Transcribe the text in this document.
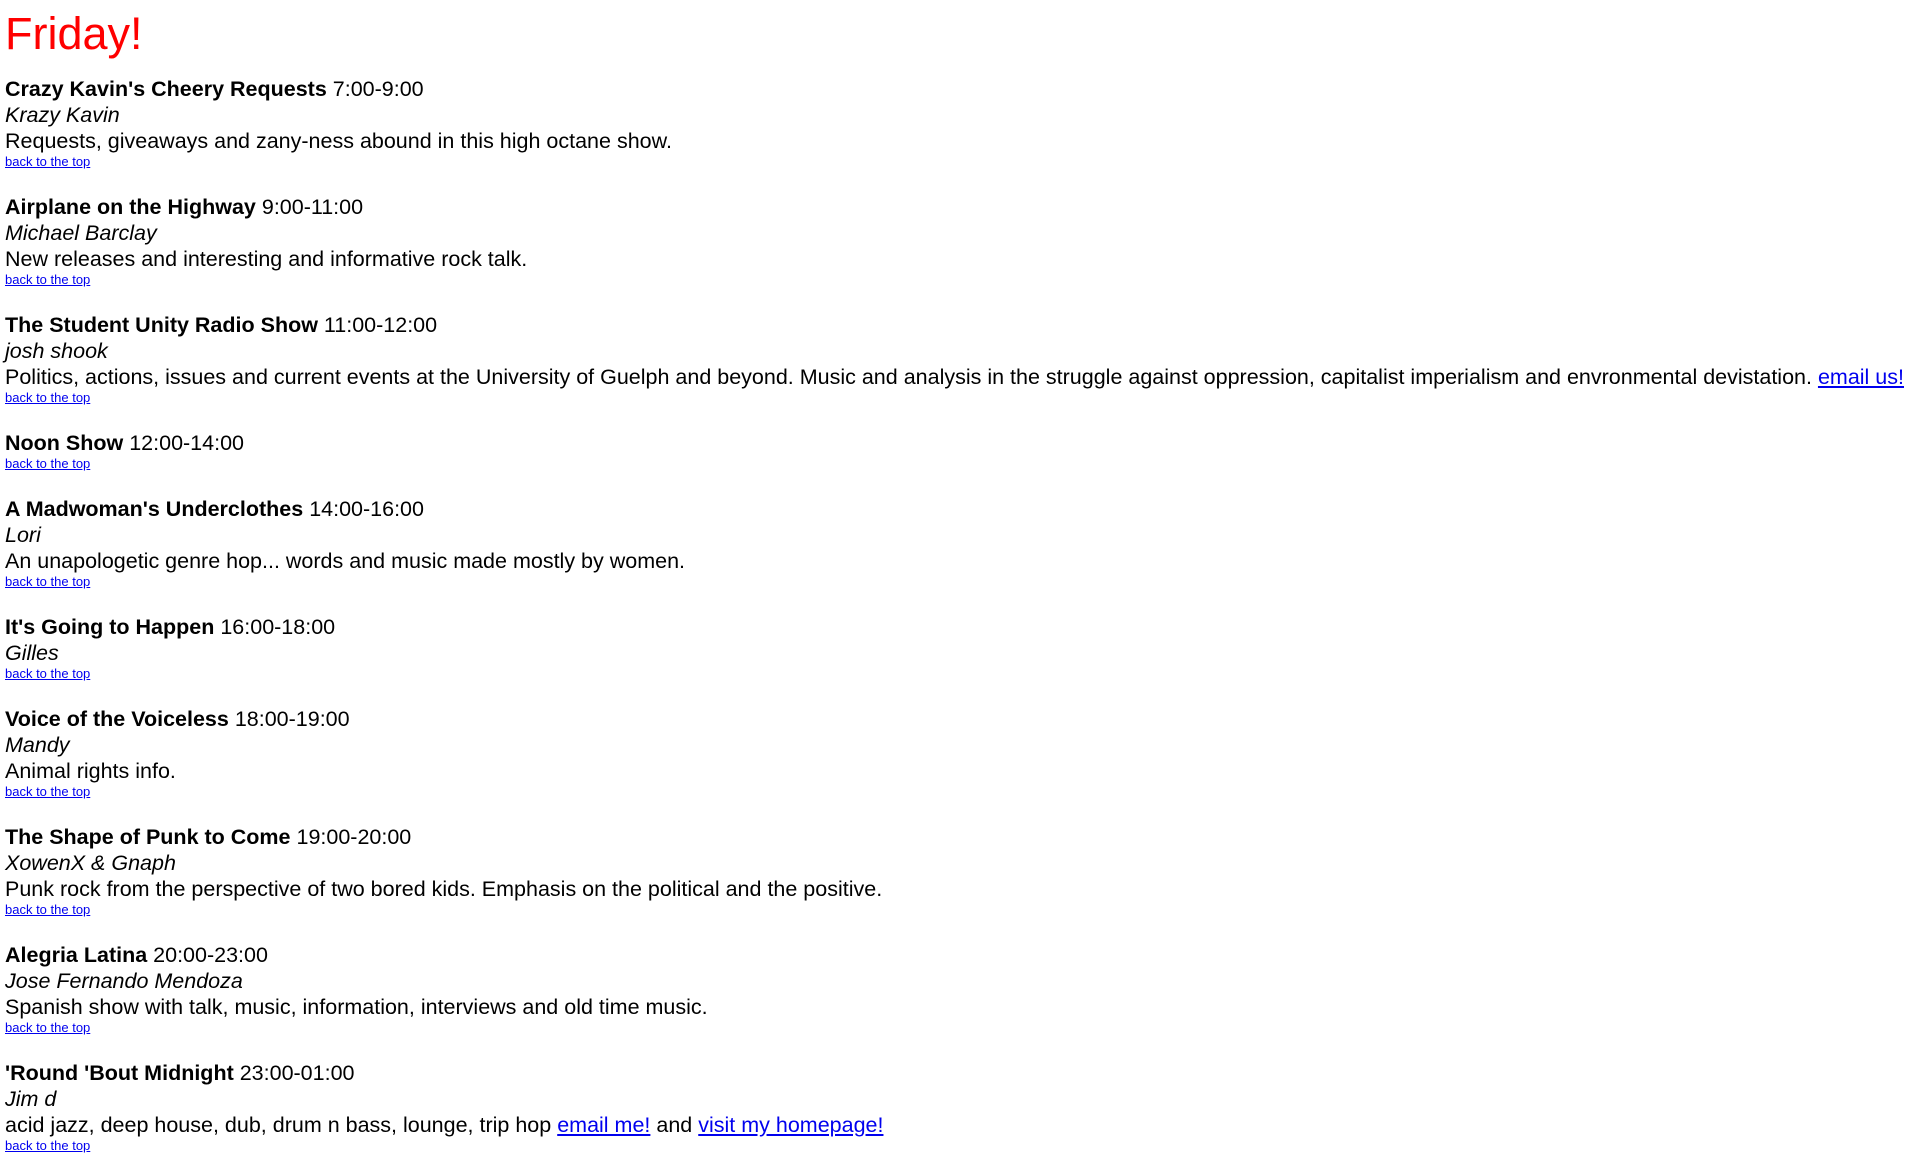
Friday!
Crazy Kavin's Cheery Requests 7:00-9:00
Krazy Kavin
Requests, giveaways and zany-ness abound in this high octane show.
back to the top
Airplane on the Highway 9:00-11:00
Michael Barclay
New releases and interesting and informative rock talk.
back to the top
The Student Unity Radio Show 11:00-12:00
josh shook
Politics, actions, issues and current events at the University of Guelph and beyond. Music and analysis in the struggle against oppression, capitalist imperialism and envronmental devistation. email us!
back to the top
Noon Show 12:00-14:00
back to the top
A Madwoman's Underclothes 14:00-16:00
Lori
An unapologetic genre hop... words and music made mostly by women.
back to the top
It's Going to Happen 16:00-18:00
Gilles
back to the top
Voice of the Voiceless 18:00-19:00
Mandy
Animal rights info.
back to the top
The Shape of Punk to Come 19:00-20:00
XowenX & Gnaph
Punk rock from the perspective of two bored kids. Emphasis on the political and the positive.
back to the top
Alegria Latina 20:00-23:00
Jose Fernando Mendoza
Spanish show with talk, music, information, interviews and old time music.
back to the top
'Round 'Bout Midnight 23:00-01:00
Jim d
acid jazz, deep house, dub, drum n bass, lounge, trip hop email me! and visit my homepage!
back to the top
